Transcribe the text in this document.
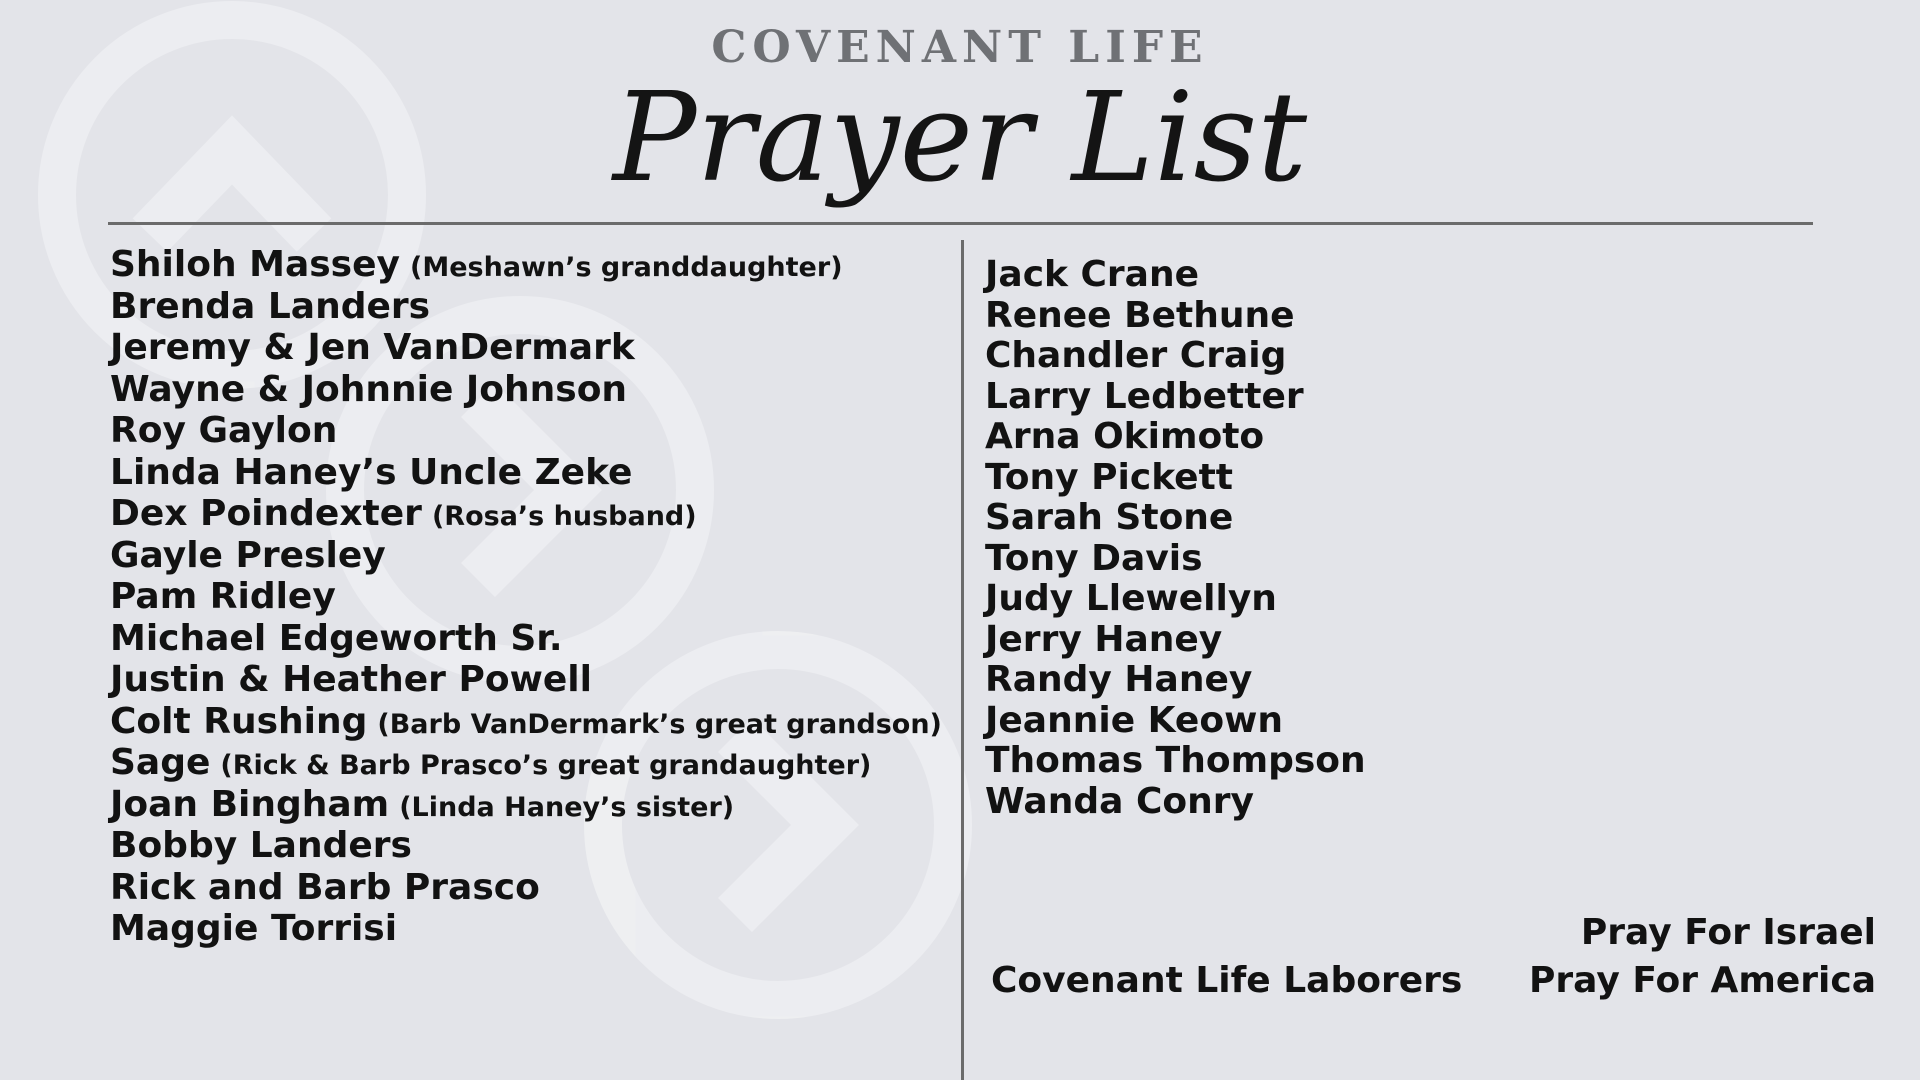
COVENANT LIFE
Prayer List
Shiloh Massey (Meshawn’s granddaughter)
Brenda Landers
Jeremy & Jen VanDermark
Wayne & Johnnie Johnson
Roy Gaylon
Linda Haney’s Uncle Zeke
Dex Poindexter (Rosa’s husband)
Gayle Presley
Pam Ridley
Michael Edgeworth Sr.
Justin & Heather Powell
Colt Rushing (Barb VanDermark’s great grandson)
Sage (Rick & Barb Prasco’s great grandaughter)
Joan Bingham (Linda Haney’s sister)
Bobby Landers
Rick and Barb Prasco
Maggie Torrisi
Jack Crane
Renee Bethune
Chandler Craig
Larry Ledbetter
Arna Okimoto
Tony Pickett
Sarah Stone
Tony Davis
Judy Llewellyn
Jerry Haney
Randy Haney
Jeannie Keown
Thomas Thompson
Wanda Conry
Covenant Life Laborers
Pray For Israel
Pray For America
